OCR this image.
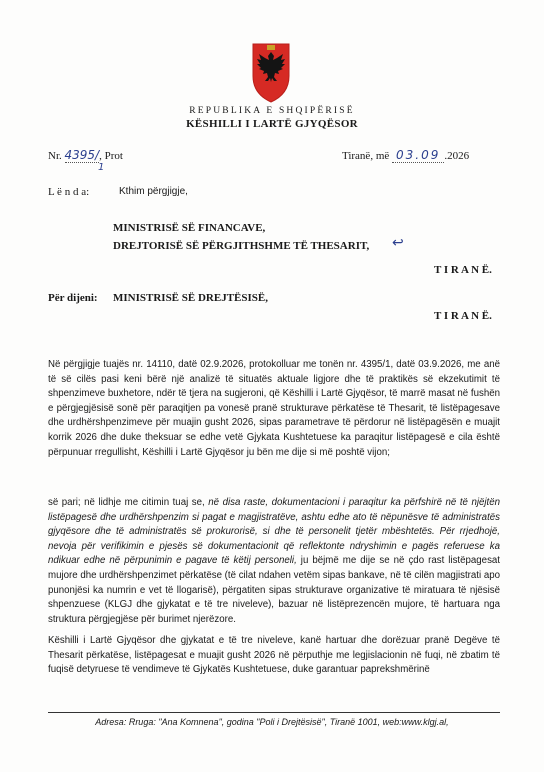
REPUBLIKA E SHQIPËRISË
KËSHILLI I LARTË GJYQËSOR
Nr. 4395/, Prot
1
Tiranë, më 03.09 .2026
L ë n d a:	Kthim përgjigje,
MINISTRISË SË FINANCAVE,
DREJTORISË SË PËRGJITHSHME TË THESARIT, ↩
T I R A N Ë.
Për dijeni: MINISTRISË SË DREJTËSISË,
T I R A N Ë.
Në përgjigje tuajës nr. 14110, datë 02.9.2026, protokolluar me tonën nr. 4395/1, datë 03.9.2026, me anë të së cilës pasi keni bërë një analizë të situatës aktuale ligjore dhe të praktikës së ekzekutimit të shpenzimeve buxhetore, ndër të tjera na sugjeroni, që Këshilli i Lartë Gjyqësor, të marrë masat në fushën e përgjegjësisë sonë për paraqitjen pa vonesë pranë strukturave përkatëse të Thesarit, të listëpagesave dhe urdhërshpenzimeve për muajin gusht 2026, sipas parametrave të përdorur në listëpagësën e muajit korrik 2026 dhe duke theksuar se edhe vetë Gjykata Kushtetuese ka paraqitur listëpagesë e cila është përpunuar rregullisht, Këshilli i Lartë Gjyqësor ju bën me dije si më poshtë vijon;
së pari; në lidhje me citimin tuaj se, në disa raste, dokumentacioni i paraqitur ka përfshirë në të njëjtën listëpagesë dhe urdhërshpenzim si pagat e magjistratëve, ashtu edhe ato të nëpunësve të administratës gjyqësore dhe të administratës së prokurorisë, si dhe të personelit tjetër mbështetës. Për rrjedhojë, nevoja për verifikimin e pjesës së dokumentacionit që reflektonte ndryshimin e pagës referuese ka ndikuar edhe në përpunimin e pagave të këtij personeli, ju bëjmë me dije se në çdo rast listëpagesat mujore dhe urdhërshpenzimet përkatëse (të cilat ndahen vetëm sipas bankave, në të cilën magjistrati apo punonjësi ka numrin e vet të llogarisë), përgatiten sipas strukturave organizative të miratuara të njësisë shpenzuese (KLGJ dhe gjykatat e të tre niveleve), bazuar në listëprezencën mujore, të hartuara nga struktura përgjegjëse për burimet njerëzore.
Këshilli i Lartë Gjyqësor dhe gjykatat e të tre niveleve, kanë hartuar dhe dorëzuar pranë Degëve të Thesarit përkatëse, listëpagesat e muajit gusht 2026 në përputhje me legjislacionin në fuqi, në zbatim të fuqisë detyruese të vendimeve të Gjykatës Kushtetuese, duke garantuar paprekshmërinë
Adresa: Rruga: "Ana Komnena", godina "Poli i Drejtësisë", Tiranë 1001, web:www.klgj.al,
